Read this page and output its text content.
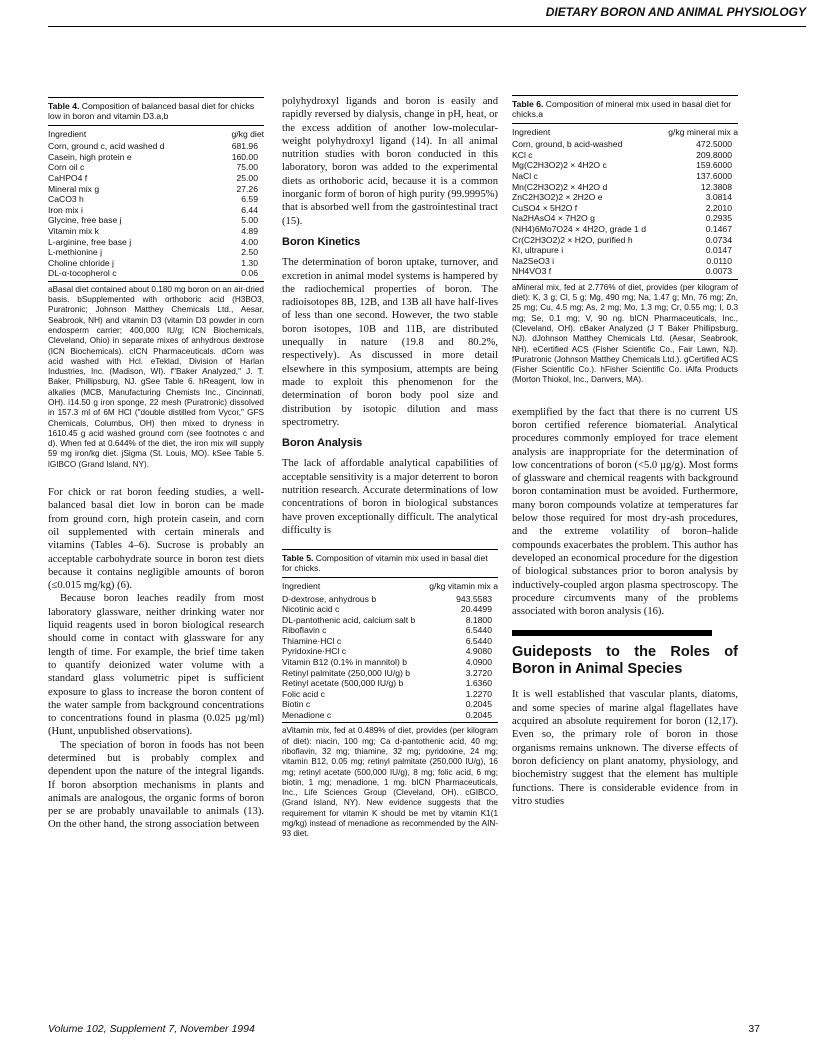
DIETARY BORON AND ANIMAL PHYSIOLOGY
Table 4. Composition of balanced basal diet for chicks low in boron and vitamin D3.a,b
Ingredient	g/kg diet
Corn, ground c, acid washed d	681.96
Casein, high protein e	160.00
Corn oil c	75.00
CaHPO4 f	25.00
Mineral mix g	27.26
CaCO3 h	6.59
Iron mix i	6.44
Glycine, free base j	5.00
Vitamin mix k	4.89
L-arginine, free base j	4.00
L-methionine j	2.50
Choline chloride j	1.30
DL-α-tocopherol c	0.06
aBasal diet contained about 0.180 mg boron on an air-dried basis. bSupplemented with orthoboric acid (H3BO3, Puratronic; Johnson Matthey Chemicals Ltd., Aesar, Seabrook, NH) and vitamin D3 (vitamin D3 powder in corn endosperm carrier; 400,000 IU/g; ICN Biochemicals, Cleveland, Ohio) in separate mixes of anhydrous dextrose (ICN Biochemicals). cICN Pharmaceuticals. dCorn was acid washed with Hcl. eTeklad, Division of Harlan Industries, Inc. (Madison, WI). f"Baker Analyzed," J. T. Baker, Phillipsburg, NJ. gSee Table 6. hReagent, low in alkalies (MCB, Manufacturing Chemists Inc., Cincinnati, OH). i14.50 g iron sponge, 22 mesh (Puratronic) dissolved in 157.3 ml of 6M HCl ("double distilled from Vycor," GFS Chemicals, Columbus, OH) then mixed to dryness in 1610.45 g acid washed ground corn (see footnotes c and d). When fed at 0.644% of the diet, the iron mix will supply 59 mg iron/kg diet. jSigma (St. Louis, MO). kSee Table 5. lGIBCO (Grand Island, NY).

For chick or rat boron feeding studies, a well-balanced basal diet low in boron can be made from ground corn, high protein casein, and corn oil supplemented with certain minerals and vitamins (Tables 4–6). Sucrose is probably an acceptable carbohydrate source in boron test diets because it contains negligible amounts of boron (≤0.015 mg/kg) (6).

Because boron leaches readily from most laboratory glassware, neither drinking water nor liquid reagents used in boron biological research should come in contact with glassware for any length of time. For example, the brief time taken to quantify deionized water volume with a standard glass volumetric pipet is sufficient exposure to glass to increase the boron content of the water sample from background concentrations to concentrations found in plasma (0.025 µg/ml) (Hunt, unpublished observations).

The speciation of boron in foods has not been determined but is probably complex and dependent upon the nature of the integral ligands. If boron absorption mechanisms in plants and animals are analogous, the organic forms of boron per se are probably unavailable to animals (13). On the other hand, the strong association between

polyhydroxyl ligands and boron is easily and rapidly reversed by dialysis, change in pH, heat, or the excess addition of another low-molecular-weight polyhydroxyl ligand (14). In all animal nutrition studies with boron conducted in this laboratory, boron was added to the experimental diets as orthoboric acid, because it is a common inorganic form of boron of high purity (99.9995%) that is absorbed well from the gastrointestinal tract (15).

Boron Kinetics

The determination of boron uptake, turnover, and excretion in animal model systems is hampered by the radiochemical properties of boron. The radioisotopes 8B, 12B, and 13B all have half-lives of less than one second. However, the two stable boron isotopes, 10B and 11B, are distributed unequally in nature (19.8 and 80.2%, respectively). As discussed in more detail elsewhere in this symposium, attempts are being made to exploit this phenomenon for the determination of boron body pool size and distribution by isotopic dilution and mass spectrometry.

Boron Analysis

The lack of affordable analytical capabilities of acceptable sensitivity is a major deterrent to boron nutrition research. Accurate determinations of low concentrations of boron in biological substances have proven exceptionally difficult. The analytical difficulty is

Table 5. Composition of vitamin mix used in basal diet for chicks.
Ingredient	g/kg vitamin mix a
D-dextrose, anhydrous b	943.5583
Nicotinic acid c	20.4499
DL-pantothenic acid, calcium salt b	8.1800
Riboflavin c	6.5440
Thiamine·HCl c	6.5440
Pyridoxine·HCl c	4.9080
Vitamin B12 (0.1% in mannitol) b	4.0900
Retinyl palmitate (250,000 IU/g) b	3.2720
Retinyl acetate (500,000 IU/g) b	1.6360
Folic acid c	1.2270
Biotin c	0.2045
Menadione c	0.2045
aVitamin mix, fed at 0.489% of diet, provides (per kilogram of diet): niacin, 100 mg; Ca d-pantothenic acid, 40 mg; riboflavin, 32 mg; thiamine, 32 mg; pyridoxine, 24 mg; vitamin B12, 0.05 mg; retinyl palmitate (250,000 IU/g), 16 mg; retinyl acetate (500,000 IU/g), 8 mg; folic acid, 6 mg; biotin, 1 mg; menadione, 1 mg. bICN Pharmaceuticals, Inc., Life Sciences Group (Cleveland, OH). cGIBCO, (Grand Island, NY). New evidence suggests that the requirement for vitamin K should be met by vitamin K1(1 mg/kg) instead of menadione as recommended by the AIN-93 diet.
Table 6. Composition of mineral mix used in basal diet for chicks.a
Ingredient	g/kg mineral mix a
Corn, ground, b acid-washed	472.5000
KCl c	209.8000
Mg(C2H3O2)2 × 4H2O c	159.6000
NaCl c	137.6000
Mn(C2H3O2)2 × 4H2O d	12.3808
ZnC2H3O2)2 × 2H2O e	3.0814
CuSO4 × 5H2O f	2.2010
Na2HAsO4 × 7H2O g	0.2935
(NH4)6Mo7O24 × 4H2O, grade 1 d	0.1467
Cr(C2H3O2)2 × H2O, purified h	0.0734
KI, ultrapure i	0.0147
Na2SeO3 i	0.0110
NH4VO3 f	0.0073
aMineral mix, fed at 2.776% of diet, provides (per kilogram of diet): K, 3 g; Cl, 5 g; Mg, 490 mg; Na, 1.47 g; Mn, 76 mg; Zn, 25 mg; Cu, 4.5 mg; As, 2 mg; Mo, 1.3 mg; Cr, 0.55 mg; I, 0.3 mg; Se, 0.1 mg; V, 90 ng. bICN Pharmaceuticals, Inc., (Cleveland, OH). cBaker Analyzed (J T Baker Phillipsburg, NJ). dJohnson Matthey Chemicals Ltd. (Aesar, Seabrook, NH). eCertified ACS (Fisher Scientific Co., Fair Lawn, NJ). fPuratronic (Johnson Matthey Chemicals Ltd.). gCertified ACS (Fisher Scientific Co.). hFisher Scientific Co. iAlfa Products (Morton Thiokol, Inc., Danvers, MA).

exemplified by the fact that there is no current US boron certified reference biomaterial. Analytical procedures commonly employed for trace element analysis are inappropriate for the determination of low concentrations of boron (<5.0 µg/g). Most forms of glassware and chemical reagents with background boron contamination must be avoided. Furthermore, many boron compounds volatize at temperatures far below those required for most dry-ash procedures, and the extreme volatility of boron–halide compounds exacerbates the problem. This author has developed an economical procedure for the digestion of biological substances prior to boron analysis by inductively-coupled argon plasma spectroscopy. The procedure circumvents many of the problems associated with boron analysis (16).

Guideposts to the Roles of Boron in Animal Species

It is well established that vascular plants, diatoms, and some species of marine algal flagellates have acquired an absolute requirement for boron (12,17). Even so, the primary role of boron in those organisms remains unknown. The diverse effects of boron deficiency on plant anatomy, physiology, and biochemistry suggest that the element has multiple functions. There is considerable evidence from in vitro studies

Volume 102, Supplement 7, November 1994	37
